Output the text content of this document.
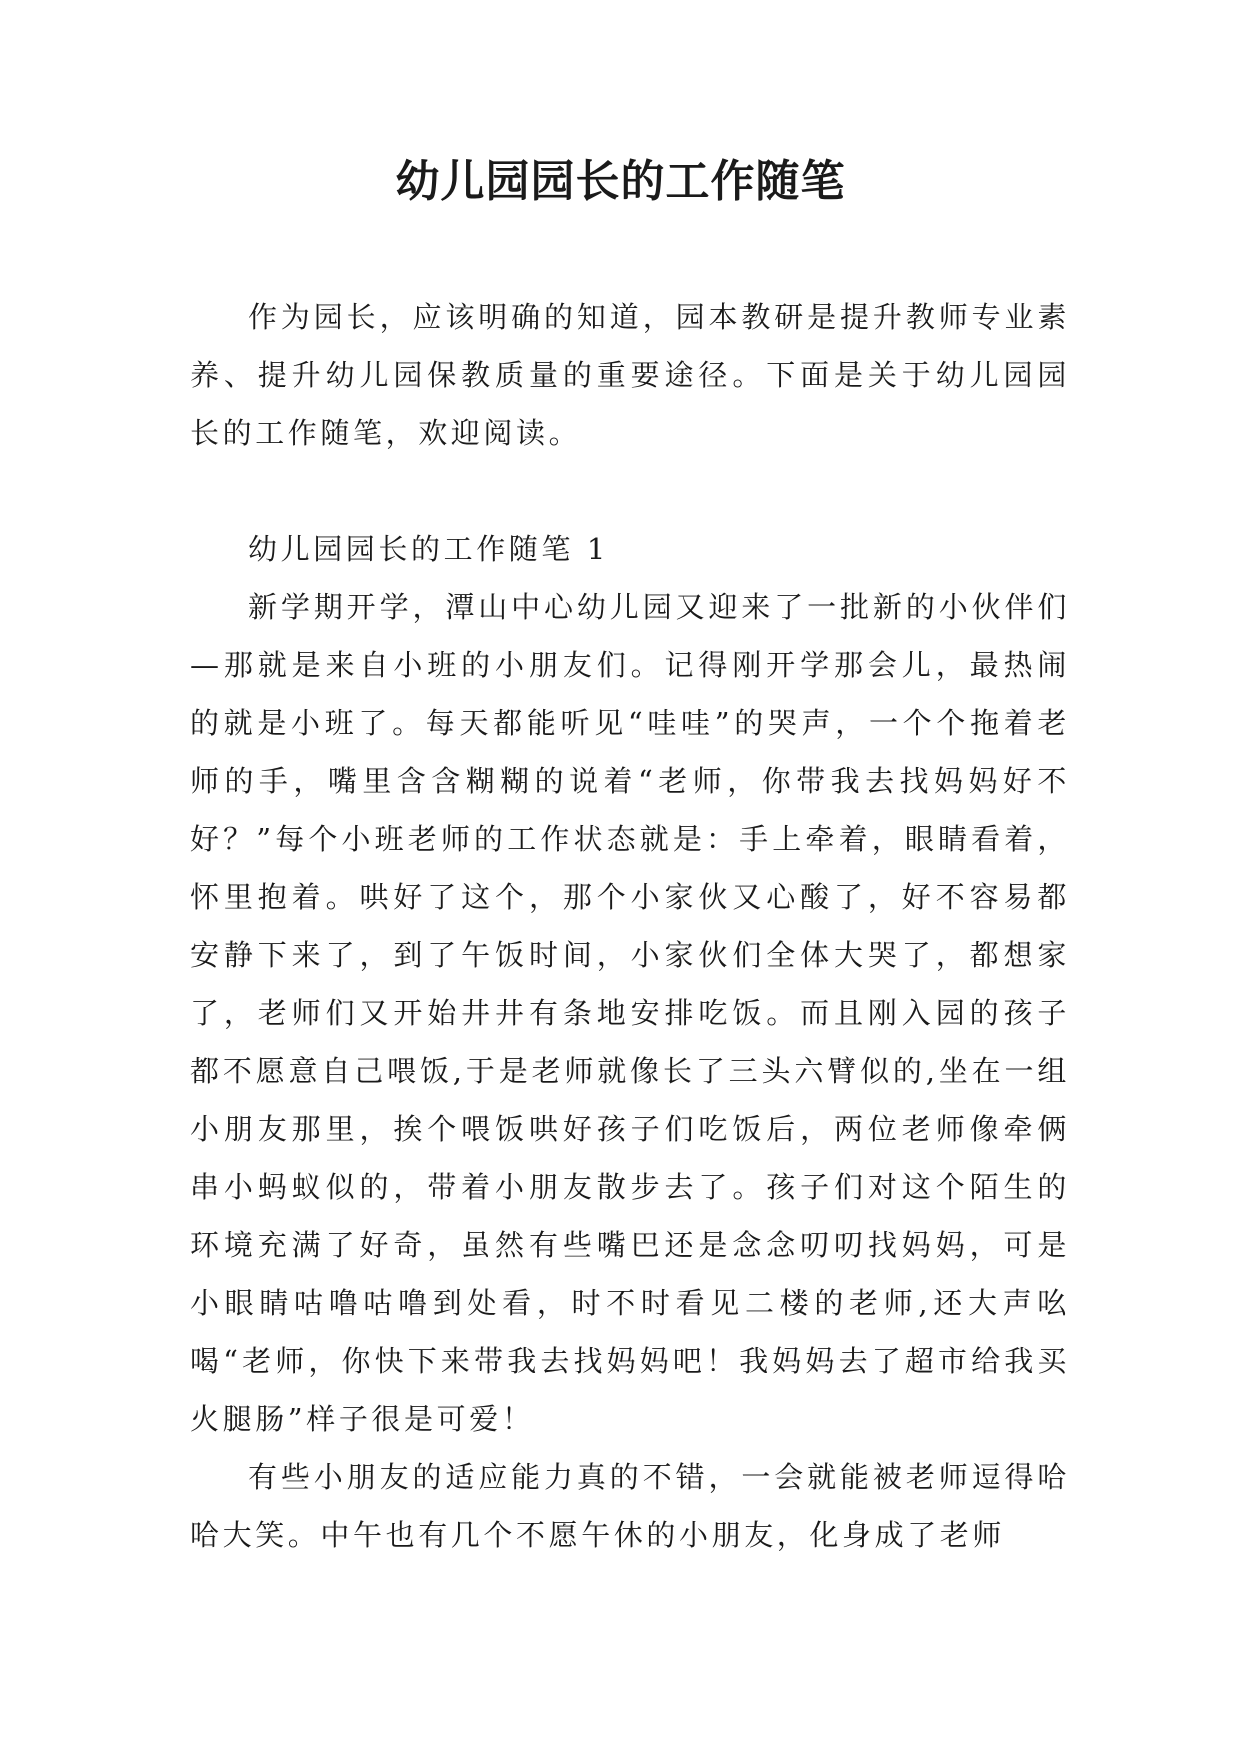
幼儿园园长的工作随笔

作为园长，应该明确的知道，园本教研是提升教师专业素养、提升幼儿园保教质量的重要途径。下面是关于幼儿园园长的工作随笔，欢迎阅读。

幼儿园园长的工作随笔 1

新学期开学，潭山中心幼儿园又迎来了一批新的小伙伴们—那就是来自小班的小朋友们。记得刚开学那会儿，最热闹的就是小班了。每天都能听见“哇哇”的哭声，一个个拖着老师的手，嘴里含含糊糊的说着“老师，你带我去找妈妈好不好？”每个小班老师的工作状态就是：手上牵着，眼睛看着，怀里抱着。哄好了这个，那个小家伙又心酸了，好不容易都安静下来了，到了午饭时间，小家伙们全体大哭了，都想家了，老师们又开始井井有条地安排吃饭。而且刚入园的孩子都不愿意自己喂饭,于是老师就像长了三头六臂似的,坐在一组小朋友那里，挨个喂饭哄好孩子们吃饭后，两位老师像牵俩串小蚂蚁似的，带着小朋友散步去了。孩子们对这个陌生的环境充满了好奇，虽然有些嘴巴还是念念叨叨找妈妈，可是小眼睛咕噜咕噜到处看，时不时看见二楼的老师,还大声吆喝“老师，你快下来带我去找妈妈吧！我妈妈去了超市给我买火腿肠”样子很是可爱！

有些小朋友的适应能力真的不错，一会就能被老师逗得哈哈大笑。中午也有几个不愿午休的小朋友，化身成了老师
